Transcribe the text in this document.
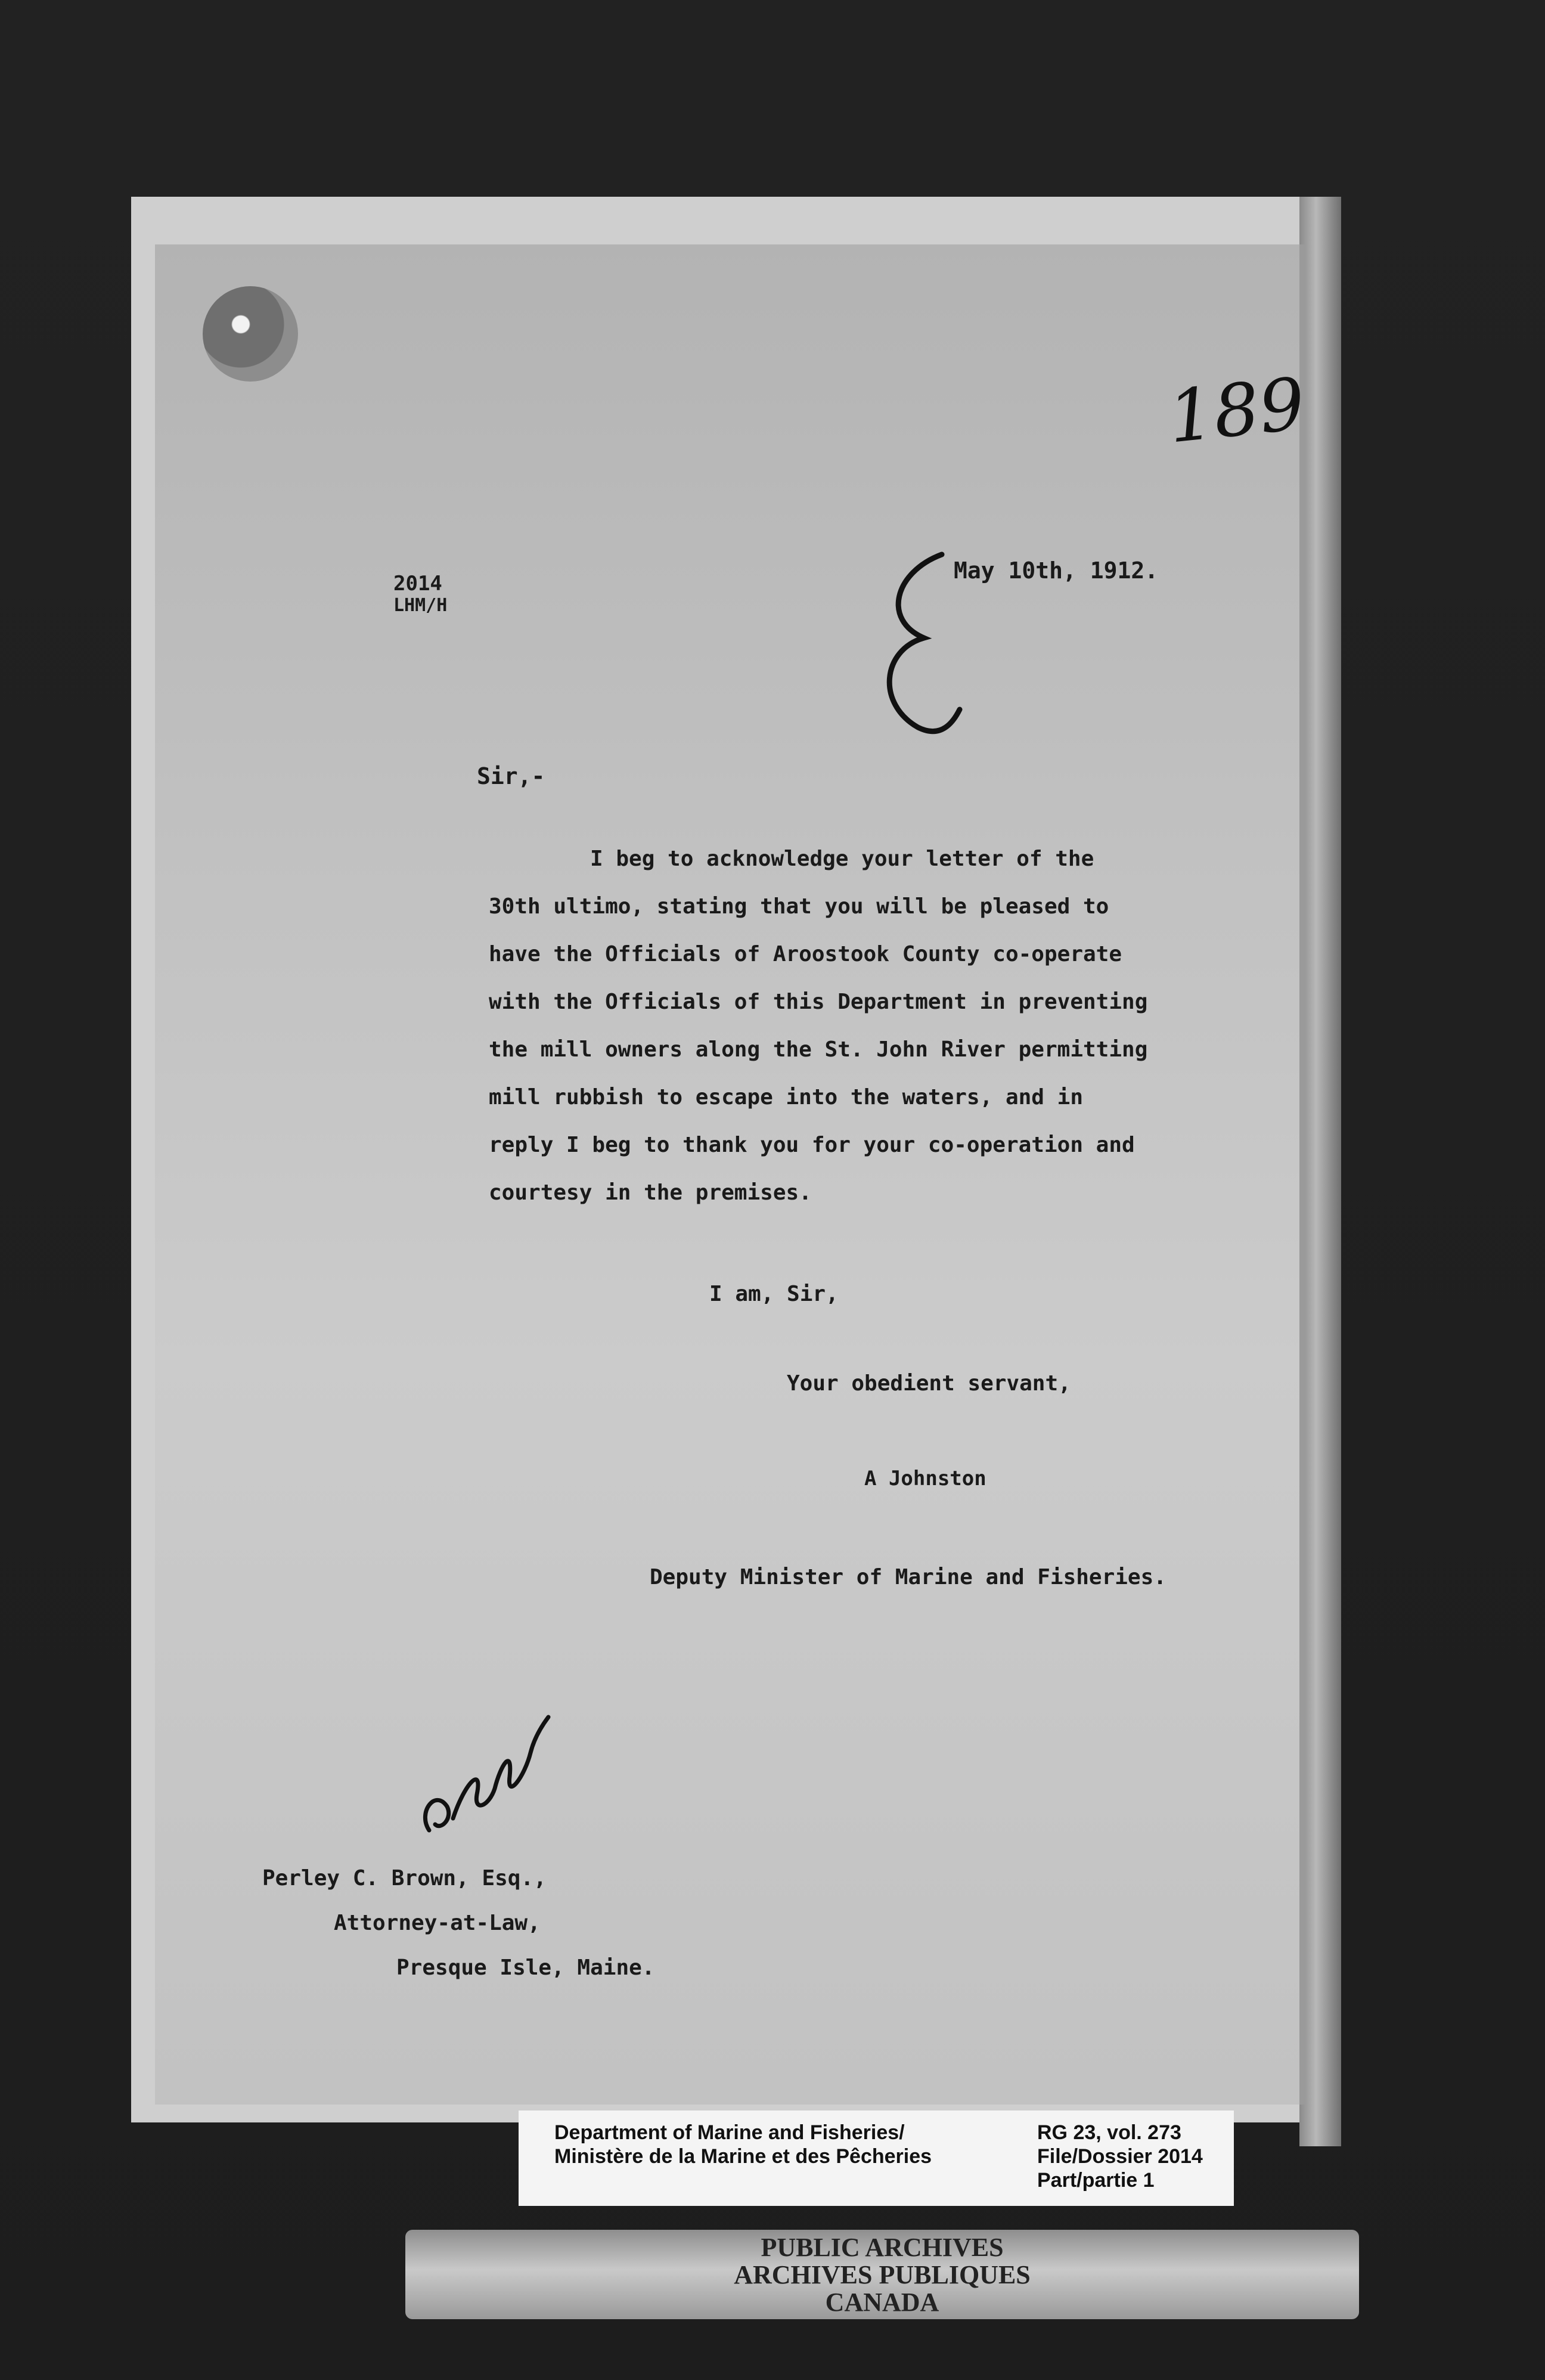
2014
LHM/H
May 10th, 1912.
189
Sir,-
I beg to acknowledge your letter of the
30th ultimo, stating that you will be pleased to
have the Officials of Aroostook County co-operate
with the Officials of this Department in preventing
the mill owners along the St. John River permitting
mill rubbish to escape into the waters, and in
reply I beg to thank you for your co-operation and
courtesy in the premises.
I am, Sir,
Your obedient servant,
A Johnston
Deputy Minister of Marine and Fisheries.
Perley C. Brown, Esq.,
Attorney-at-Law,
Presque Isle, Maine.
Department of Marine and Fisheries/
Ministère de la Marine et des Pêcheries
RG 23, vol. 273
File/Dossier 2014
Part/partie 1
PUBLIC ARCHIVES
ARCHIVES PUBLIQUES
CANADA
